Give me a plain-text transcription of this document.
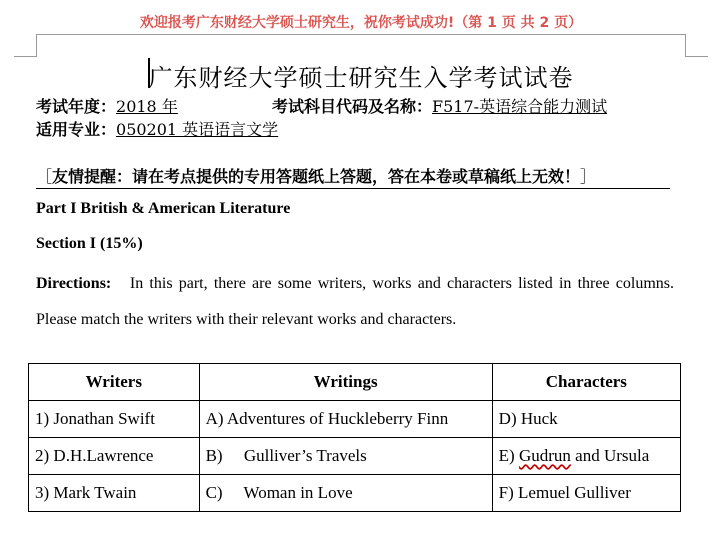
欢迎报考广东财经大学硕士研究生，祝你考试成功!（第 1 页 共 2 页）
广东财经大学硕士研究生入学考试试卷
考试年度：2018 年	考试科目代码及名称：F517-英语综合能力测试
适用专业：050201 英语语言文学
［友情提醒：请在考点提供的专用答题纸上答题，答在本卷或草稿纸上无效！］
Part I British & American Literature
Section I (15%)
Directions: In this part, there are some writers, works and characters listed in three columns. Please match the writers with their relevant works and characters.
Writers	Writings	Characters
1) Jonathan Swift	A) Adventures of Huckleberry Finn	D) Huck
2) D.H.Lawrence	B)     Gulliver’s Travels	E) Gudrun and Ursula
3) Mark Twain	C)     Woman in Love	F) Lemuel Gulliver
